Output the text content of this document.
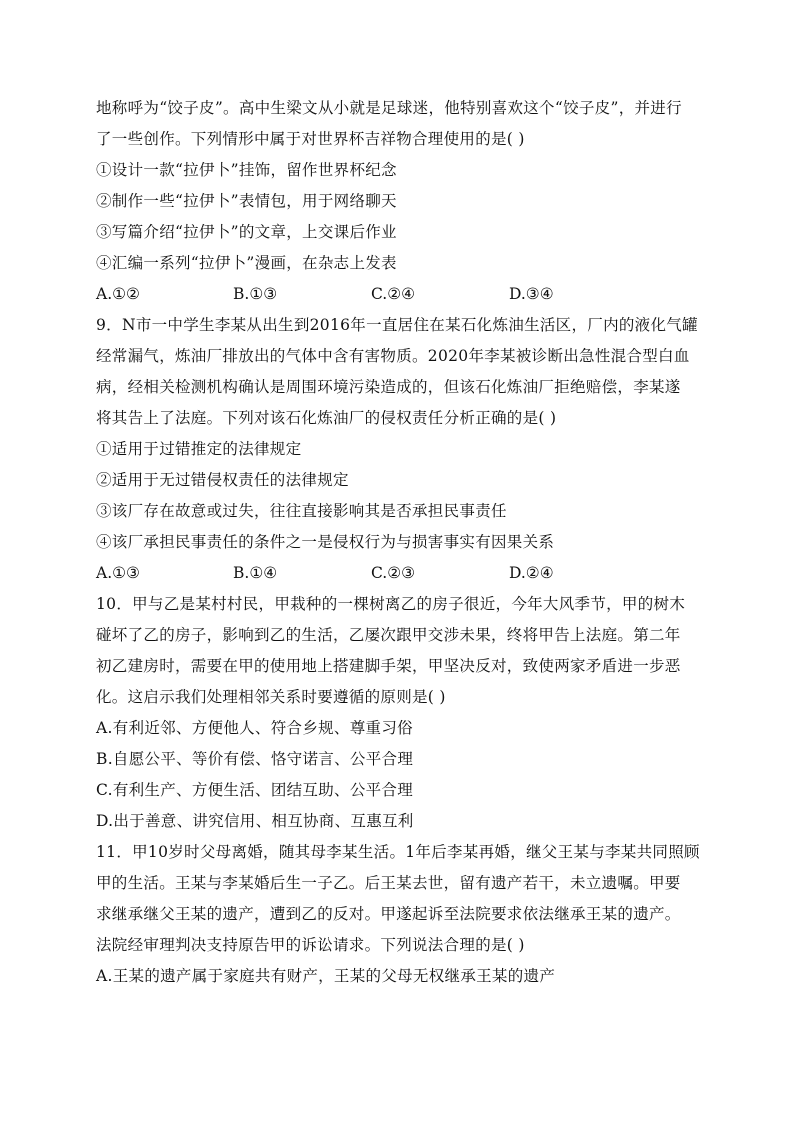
地称呼为“饺子皮”。高中生梁文从小就是足球迷，他特别喜欢这个“饺子皮”，并进行
了一些创作。下列情形中属于对世界杯吉祥物合理使用的是( )
①设计一款“拉伊卜”挂饰，留作世界杯纪念
②制作一些“拉伊卜”表情包，用于网络聊天
③写篇介绍“拉伊卜”的文章，上交课后作业
④汇编一系列“拉伊卜”漫画，在杂志上发表
A.①②	B.①③	C.②④	D.③④
9．N市一中学生李某从出生到2016年一直居住在某石化炼油生活区，厂内的液化气罐
经常漏气，炼油厂排放出的气体中含有害物质。2020年李某被诊断出急性混合型白血
病，经相关检测机构确认是周围环境污染造成的，但该石化炼油厂拒绝赔偿，李某遂
将其告上了法庭。下列对该石化炼油厂的侵权责任分析正确的是( )
①适用于过错推定的法律规定
②适用于无过错侵权责任的法律规定
③该厂存在故意或过失，往往直接影响其是否承担民事责任
④该厂承担民事责任的条件之一是侵权行为与损害事实有因果关系
A.①③	B.①④	C.②③	D.②④
10．甲与乙是某村村民，甲栽种的一棵树离乙的房子很近，今年大风季节，甲的树木
碰坏了乙的房子，影响到乙的生活，乙屡次跟甲交涉未果，终将甲告上法庭。第二年
初乙建房时，需要在甲的使用地上搭建脚手架，甲坚决反对，致使两家矛盾进一步恶
化。这启示我们处理相邻关系时要遵循的原则是( )
A.有利近邻、方便他人、符合乡规、尊重习俗
B.自愿公平、等价有偿、恪守诺言、公平合理
C.有利生产、方便生活、团结互助、公平合理
D.出于善意、讲究信用、相互协商、互惠互利
11．甲10岁时父母离婚，随其母李某生活。1年后李某再婚，继父王某与李某共同照顾
甲的生活。王某与李某婚后生一子乙。后王某去世，留有遗产若干，未立遗嘱。甲要
求继承继父王某的遗产，遭到乙的反对。甲遂起诉至法院要求依法继承王某的遗产。
法院经审理判决支持原告甲的诉讼请求。下列说法合理的是( )
A.王某的遗产属于家庭共有财产，王某的父母无权继承王某的遗产
